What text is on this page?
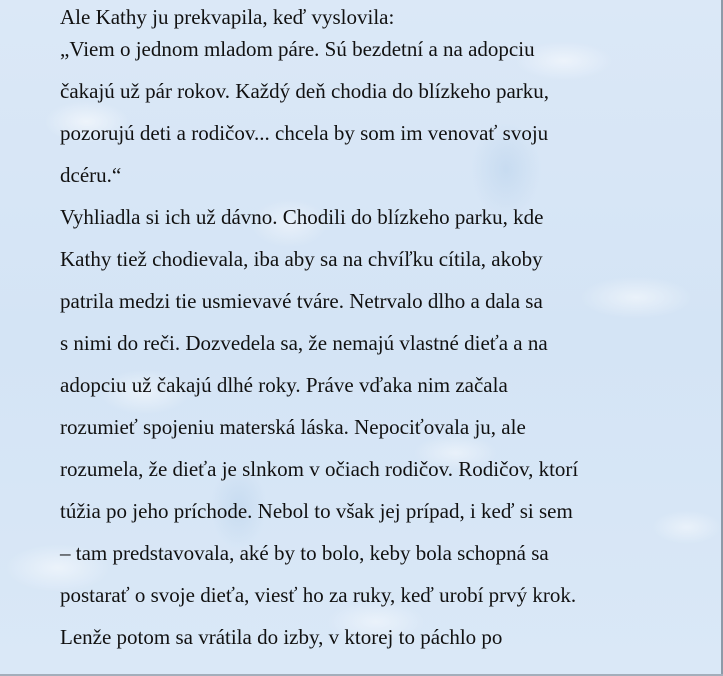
Ale Kathy ju prekvapila, keď vyslovila:
„Viem o jednom mladom páre. Sú bezdetní a na adopciu
čakajú už pár rokov. Každý deň chodia do blízkeho parku,
pozorujú deti a rodičov... chcela by som im venovať svoju
dcéru.“
Vyhliadla si ich už dávno. Chodili do blízkeho parku, kde
Kathy tiež chodievala, iba aby sa na chvíľku cítila, akoby
patrila medzi tie usmievavé tváre. Netrvalo dlho a dala sa
s nimi do reči. Dozvedela sa, že nemajú vlastné dieťa a na
adopciu už čakajú dlhé roky. Práve vďaka nim začala
rozumieť spojeniu materská láska. Nepociťovala ju, ale
rozumela, že dieťa je slnkom v očiach rodičov. Rodičov, ktorí
túžia po jeho príchode. Nebol to však jej prípad, i keď si sem
– tam predstavovala, aké by to bolo, keby bola schopná sa
postarať o svoje dieťa, viesť ho za ruky, keď urobí prvý krok.
Lenže potom sa vrátila do izby, v ktorej to páchlo po
